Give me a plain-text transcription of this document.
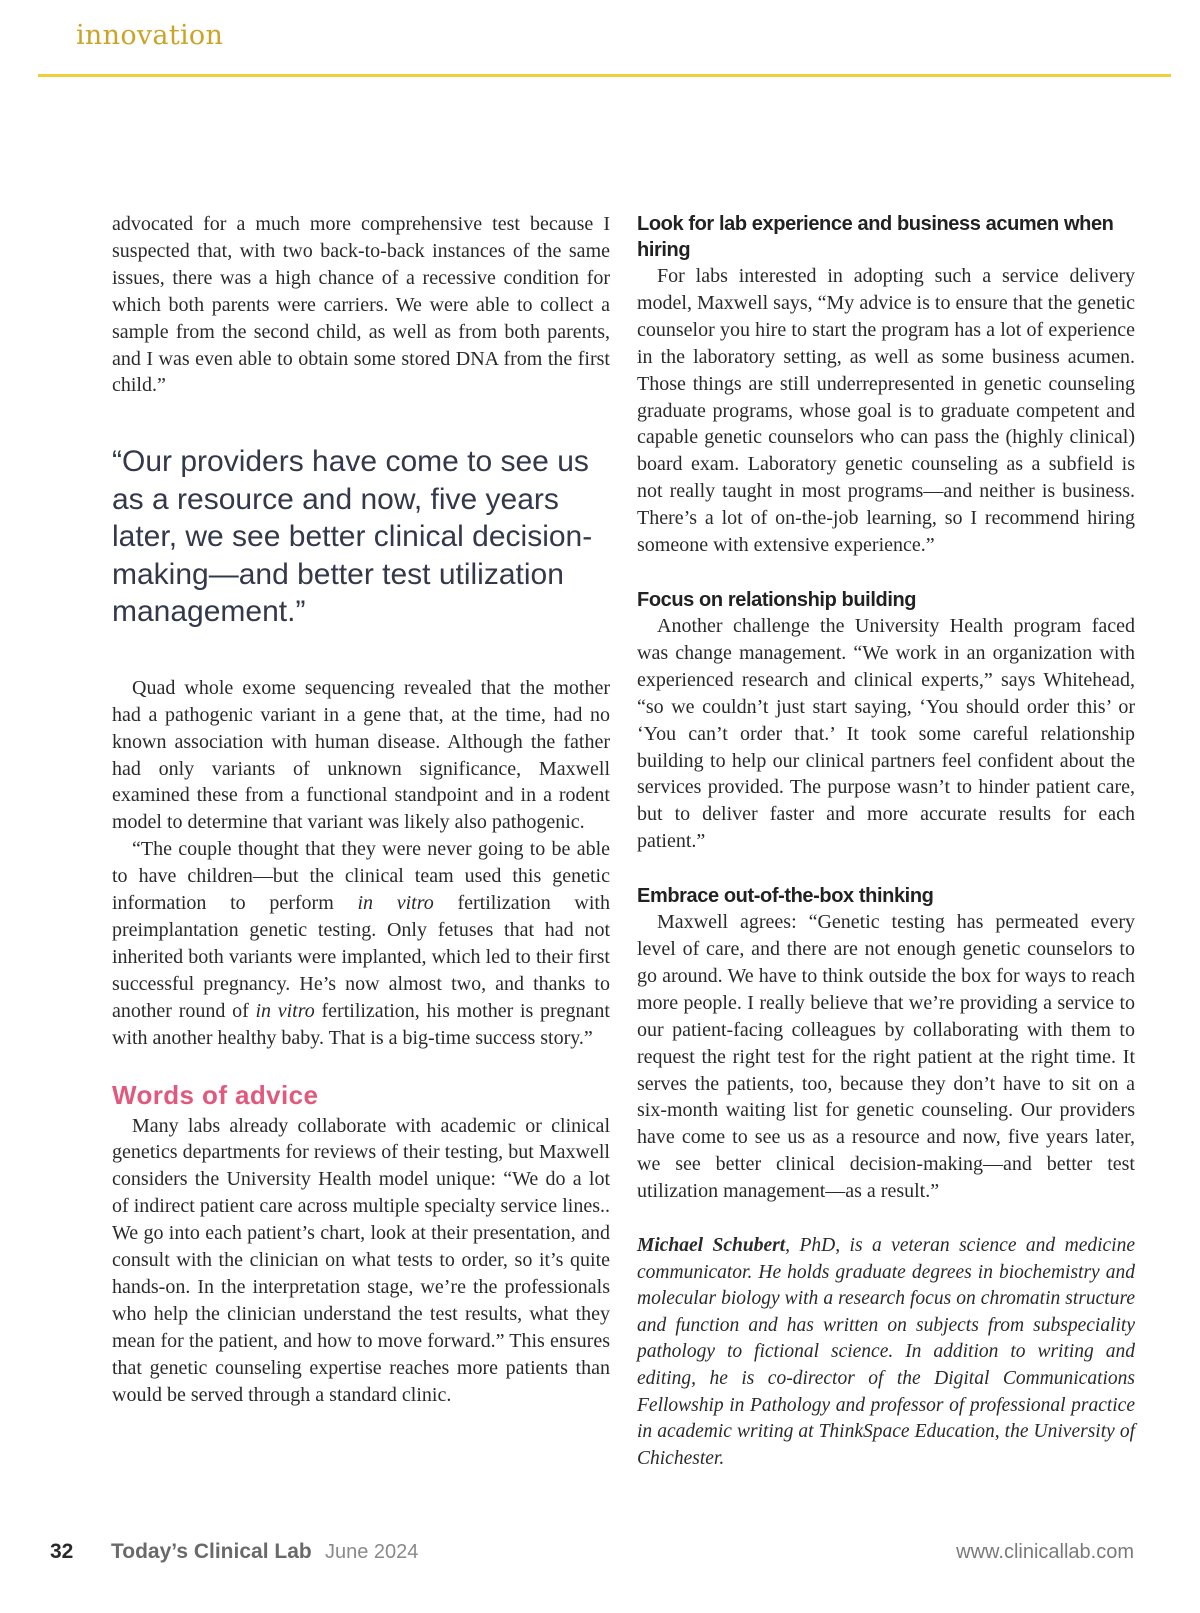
innovation

advocated for a much more comprehensive test because I suspected that, with two back-to-back instances of the same issues, there was a high chance of a recessive condition for which both parents were carriers. We were able to collect a sample from the second child, as well as from both parents, and I was even able to obtain some stored DNA from the first child.”

“Our providers have come to see us as a resource and now, five years later, we see better clinical decision-making—and better test utilization management.”

Quad whole exome sequencing revealed that the mother had a pathogenic variant in a gene that, at the time, had no known association with human disease. Although the father had only variants of unknown significance, Maxwell examined these from a functional standpoint and in a rodent model to determine that variant was likely also pathogenic.

“The couple thought that they were never going to be able to have children—but the clinical team used this genetic information to perform in vitro fertilization with preimplantation genetic testing. Only fetuses that had not inherited both variants were implanted, which led to their first successful pregnancy. He’s now almost two, and thanks to another round of in vitro fertilization, his mother is pregnant with another healthy baby. That is a big-time success story.”

Words of advice

Many labs already collaborate with academic or clinical genetics departments for reviews of their testing, but Maxwell considers the University Health model unique: “We do a lot of indirect patient care across multiple specialty service lines.. We go into each patient’s chart, look at their presentation, and consult with the clinician on what tests to order, so it’s quite hands-on. In the interpretation stage, we’re the professionals who help the clinician understand the test results, what they mean for the patient, and how to move forward.” This ensures that genetic counseling expertise reaches more patients than would be served through a standard clinic.

Look for lab experience and business acumen when hiring

For labs interested in adopting such a service delivery model, Maxwell says, “My advice is to ensure that the genetic counselor you hire to start the program has a lot of experience in the laboratory setting, as well as some business acumen. Those things are still underrepresented in genetic counseling graduate programs, whose goal is to graduate competent and capable genetic counselors who can pass the (highly clinical) board exam. Laboratory genetic counseling as a subfield is not really taught in most programs—and neither is business. There’s a lot of on-the-job learning, so I recommend hiring someone with extensive experience.”

Focus on relationship building

Another challenge the University Health program faced was change management. “We work in an organization with experienced research and clinical experts,” says Whitehead, “so we couldn’t just start saying, ‘You should order this’ or ‘You can’t order that.’ It took some careful relationship building to help our clinical partners feel confident about the services provided. The purpose wasn’t to hinder patient care, but to deliver faster and more accurate results for each patient.”

Embrace out-of-the-box thinking

Maxwell agrees: “Genetic testing has permeated every level of care, and there are not enough genetic counselors to go around. We have to think outside the box for ways to reach more people. I really believe that we’re providing a service to our patient-facing colleagues by collaborating with them to request the right test for the right patient at the right time. It serves the patients, too, because they don’t have to sit on a six-month waiting list for genetic counseling. Our providers have come to see us as a resource and now, five years later, we see better clinical decision-making—and better test utilization management—as a result.”

Michael Schubert, PhD, is a veteran science and medicine communicator. He holds graduate degrees in biochemistry and molecular biology with a research focus on chromatin structure and function and has written on subjects from subspeciality pathology to fictional science. In addition to writing and editing, he is co-director of the Digital Communications Fellowship in Pathology and professor of professional practice in academic writing at ThinkSpace Education, the University of Chichester.

32 Today’s Clinical Lab June 2024	www.clinicallab.com
